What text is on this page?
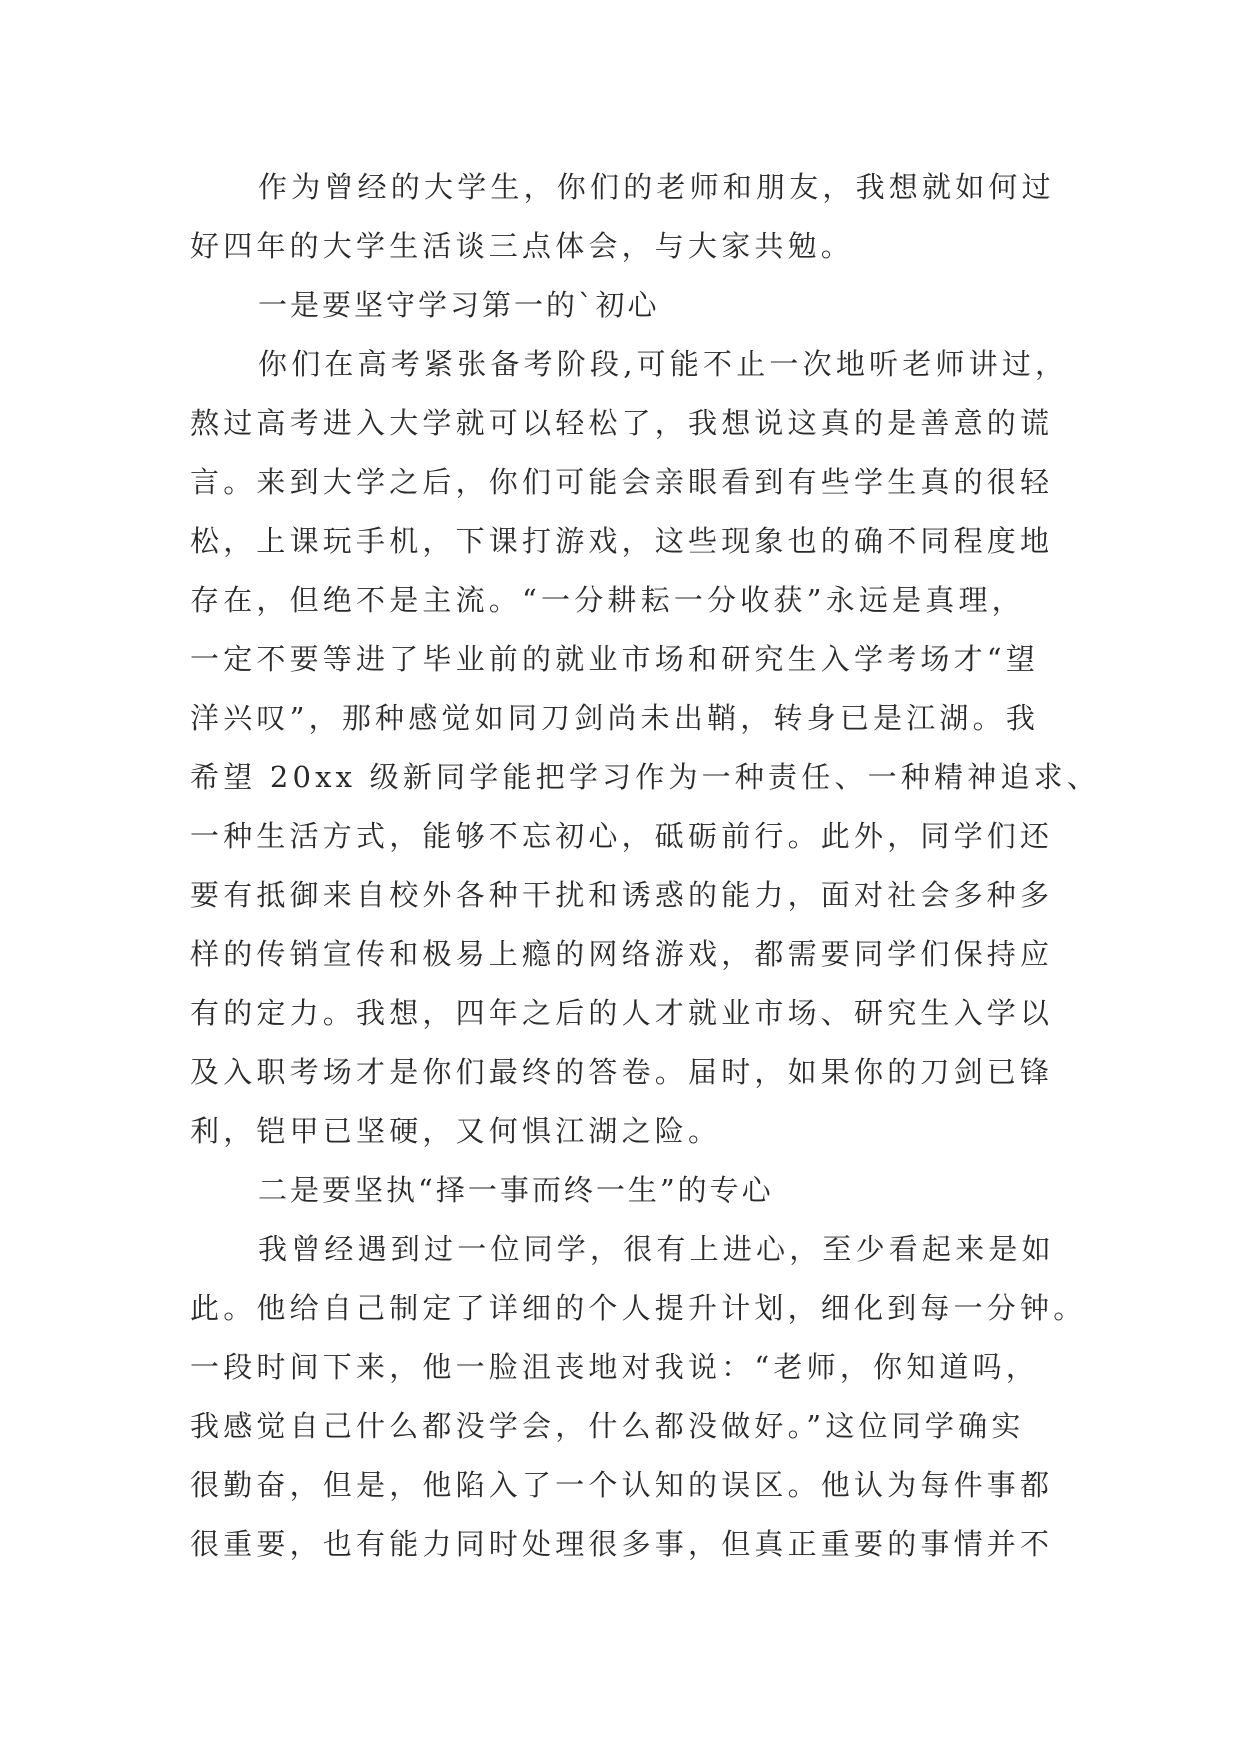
作为曾经的大学生，你们的老师和朋友，我想就如何过
好四年的大学生活谈三点体会，与大家共勉。
一是要坚守学习第一的`初心
你们在高考紧张备考阶段,可能不止一次地听老师讲过，
熬过高考进入大学就可以轻松了，我想说这真的是善意的谎
言。来到大学之后，你们可能会亲眼看到有些学生真的很轻
松，上课玩手机，下课打游戏，这些现象也的确不同程度地
存在，但绝不是主流。“一分耕耘一分收获”永远是真理，
一定不要等进了毕业前的就业市场和研究生入学考场才“望
洋兴叹”，那种感觉如同刀剑尚未出鞘，转身已是江湖。我
希望 20xx 级新同学能把学习作为一种责任、一种精神追求、
一种生活方式，能够不忘初心，砥砺前行。此外，同学们还
要有抵御来自校外各种干扰和诱惑的能力，面对社会多种多
样的传销宣传和极易上瘾的网络游戏，都需要同学们保持应
有的定力。我想，四年之后的人才就业市场、研究生入学以
及入职考场才是你们最终的答卷。届时，如果你的刀剑已锋
利，铠甲已坚硬，又何惧江湖之险。
二是要坚执“择一事而终一生”的专心
我曾经遇到过一位同学，很有上进心，至少看起来是如
此。他给自己制定了详细的个人提升计划，细化到每一分钟。
一段时间下来，他一脸沮丧地对我说：“老师，你知道吗，
我感觉自己什么都没学会，什么都没做好。”这位同学确实
很勤奋，但是，他陷入了一个认知的误区。他认为每件事都
很重要，也有能力同时处理很多事，但真正重要的事情并不
